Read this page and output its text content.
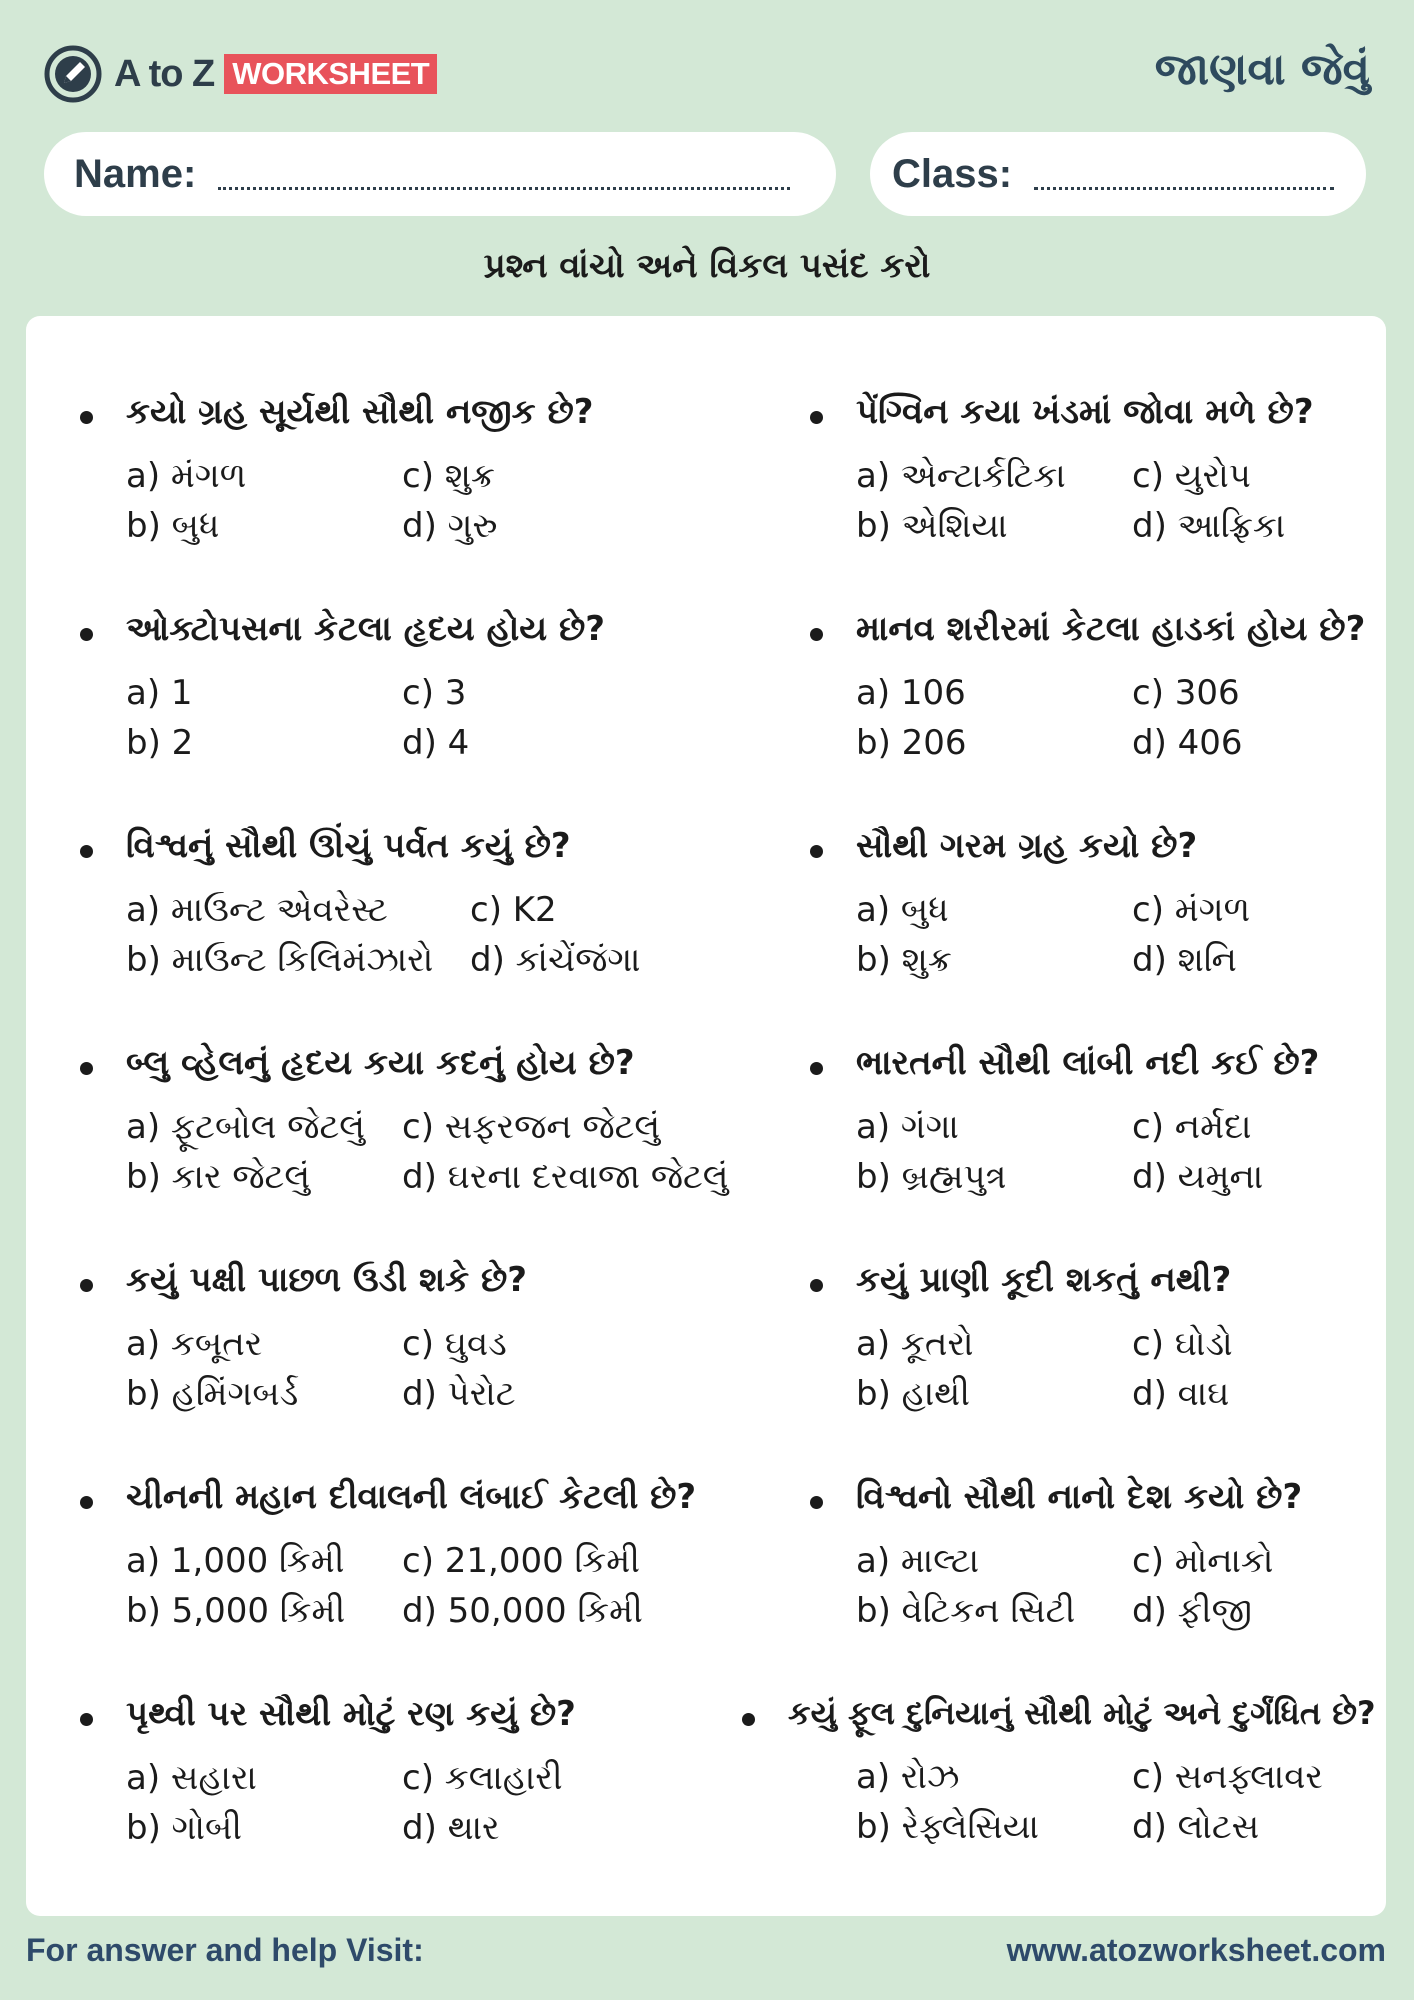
A to Z WORKSHEET	જાણવા જેવું
Name:	Class:
પ્રશ્ન વાંચો અને વિકલ પસંદ કરો
કયો ગ્રહ સૂર્યથી સૌથી નજીક છે?
a) મંગળ	c) શુક્ર
b) બુધ	d) ગુરુ
પેંગ્વિન કયા ખંડમાં જોવા મળે છે?
a) એન્ટાર્કટિકા	c) યુરોપ
b) એશિયા	d) આફ્રિકા
ઓક્ટોપસના કેટલા હૃદય હોય છે?
a) 1	c) 3
b) 2	d) 4
માનવ શરીરમાં કેટલા હાડકાં હોય છે?
a) 106	c) 306
b) 206	d) 406
વિશ્વનું સૌથી ઊંચું પર્વત કયું છે?
a) માઉન્ટ એવરેસ્ટ	c) K2
b) માઉન્ટ કિલિમંઝારો	d) કાંચેંજંગા
સૌથી ગરમ ગ્રહ કયો છે?
a) બુધ	c) મંગળ
b) શુક્ર	d) શનિ
બ્લુ વ્હેલનું હૃદય કયા કદનું હોય છે?
a) ફૂટબોલ જેટલું	c) સફરજન જેટલું
b) કાર જેટલું	d) ઘરના દરવાજા જેટલું
ભારતની સૌથી લાંબી નદી કઈ છે?
a) ગંગા	c) નર્મદા
b) બ્રહ્મપુત્ર	d) યમુના
કયું પક્ષી પાછળ ઉડી શકે છે?
a) કબૂતર	c) ઘુવડ
b) હમિંગબર્ડ	d) પેરોટ
કયું પ્રાણી કૂદી શકતું નથી?
a) કૂતરો	c) ઘોડો
b) હાથી	d) વાઘ
ચીનની મહાન દીવાલની લંબાઈ કેટલી છે?
a) 1,000 કિમી	c) 21,000 કિમી
b) 5,000 કિમી	d) 50,000 કિમી
વિશ્વનો સૌથી નાનો દેશ કયો છે?
a) માલ્ટા	c) મોનાકો
b) વેટિકન સિટી	d) ફીજી
પૃથ્વી પર સૌથી મોટું રણ કયું છે?
a) સહારા	c) કલાહારી
b) ગોબી	d) થાર
કયું ફૂલ દુનિયાનું સૌથી મોટું અને દુર્ગંધિત છે?
a) રોઝ	c) સનફ્લાવર
b) રેફ્લેસિયા	d) લોટસ
For answer and help Visit:	www.atozworksheet.com
